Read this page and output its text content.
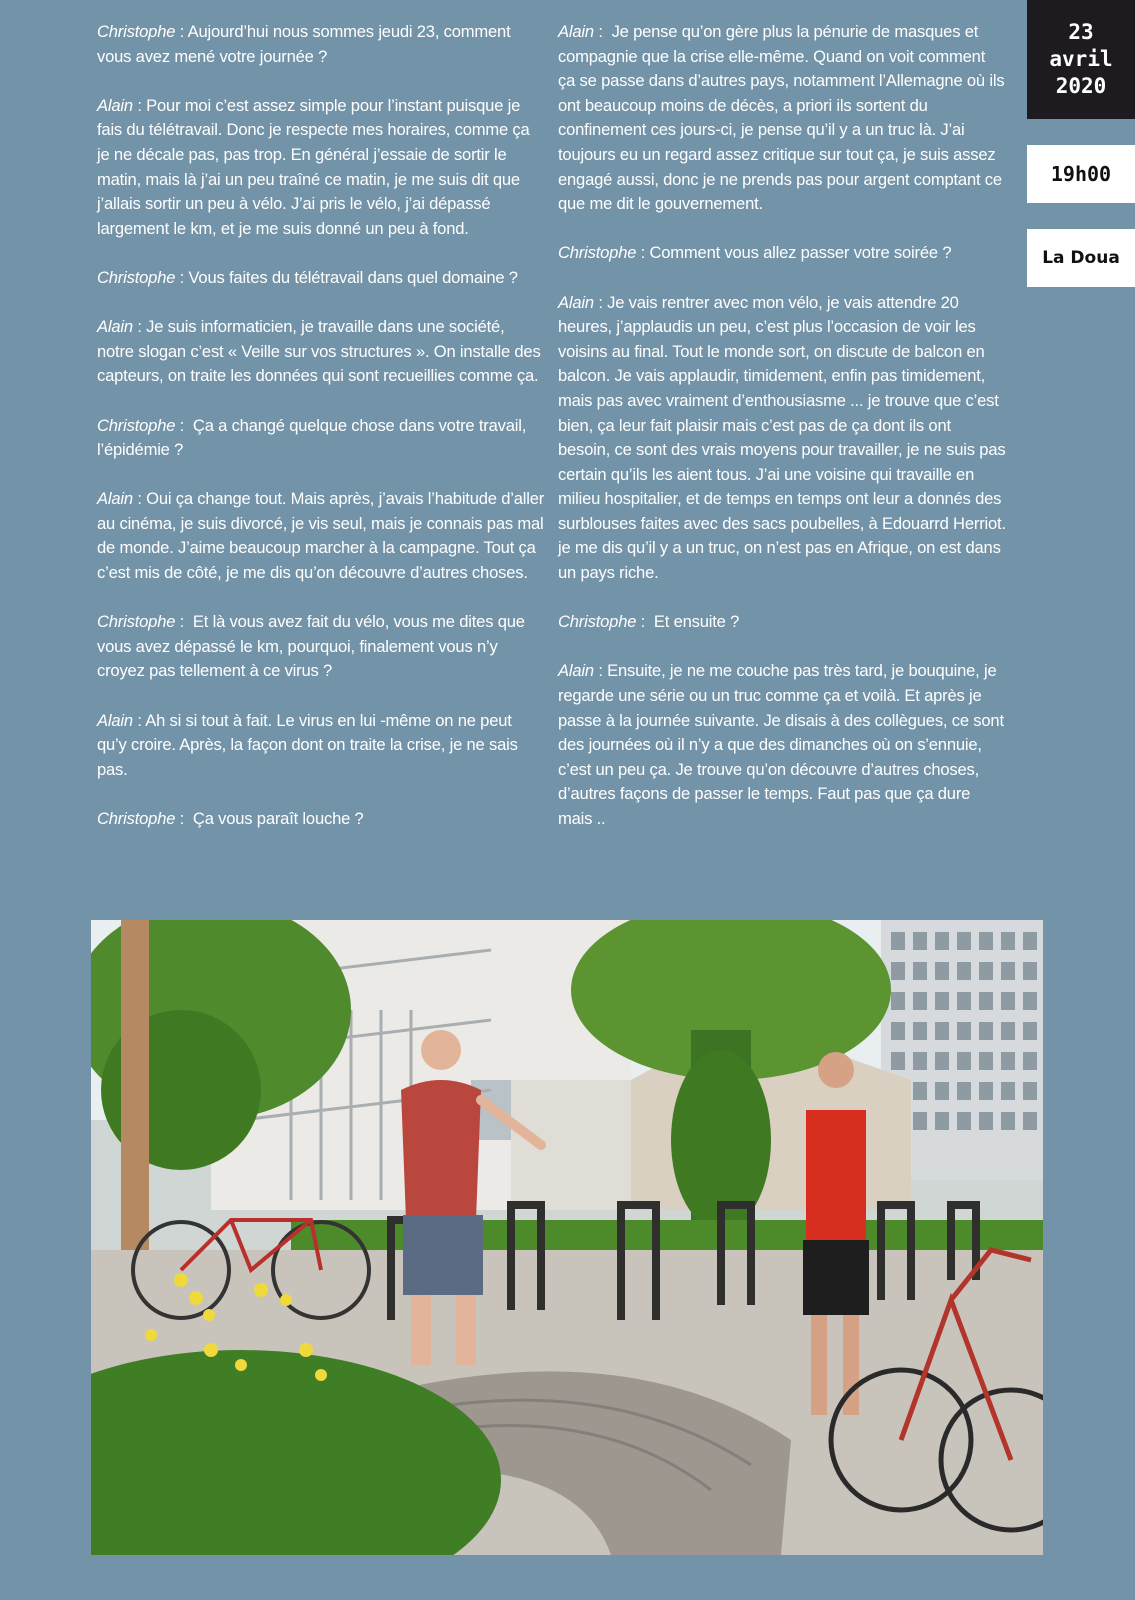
Christophe : Aujourd’hui nous sommes jeudi 23, comment vous avez mené votre journée ?

Alain : Pour moi c’est assez simple pour l’instant puisque je fais du télétravail. Donc je respecte mes horaires, comme ça je ne décale pas, pas trop. En général j’essaie de sortir le matin, mais là j’ai un peu traîné ce matin, je me suis dit que j’allais sortir un peu à vélo. J’ai pris le vélo, j’ai dépassé largement le km, et je me suis donné un peu à fond.

Christophe : Vous faites du télétravail dans quel domaine ?

Alain : Je suis informaticien, je travaille dans une société, notre slogan c’est « Veille sur vos structures ». On installe des capteurs, on traite les données qui sont recueillies comme ça.

Christophe :  Ça a changé quelque chose dans votre travail, l’épidémie ?

Alain : Oui ça change tout. Mais après, j’avais l’habitude d’aller au cinéma, je suis divorcé, je vis seul, mais je connais pas mal de monde. J’aime beaucoup marcher à la campagne. Tout ça c’est mis de côté, je me dis qu’on découvre d’autres choses.

Christophe :  Et là vous avez fait du vélo, vous me dites que vous avez dépassé le km, pourquoi, finalement vous n’y croyez pas tellement à ce virus ?

Alain : Ah si si tout à fait. Le virus en lui -même on ne peut qu’y croire. Après, la façon dont on traite la crise, je ne sais pas.

Christophe :  Ça vous paraît louche ?

Alain :  Je pense qu’on gère plus la pénurie de masques et compagnie que la crise elle-même. Quand on voit comment ça se passe dans d’autres pays, notamment l’Allemagne où ils ont beaucoup moins de décès, a priori ils sortent du confinement ces jours-ci, je pense qu’il y a un truc là. J’ai toujours eu un regard assez critique sur tout ça, je suis assez engagé aussi, donc je ne prends pas pour argent comptant ce que me dit le gouvernement.

Christophe : Comment vous allez passer votre soirée ?

Alain : Je vais rentrer avec mon vélo, je vais attendre 20 heures, j’applaudis un peu, c’est plus l’occasion de voir les voisins au final. Tout le monde sort, on discute de balcon en balcon. Je vais applaudir, timidement, enfin pas timidement, mais pas avec vraiment d’enthousiasme ... je trouve que c’est bien, ça leur fait plaisir mais c’est pas de ça dont ils ont besoin, ce sont des vrais moyens pour travailler, je ne suis pas certain qu’ils les aient tous. J’ai une voisine qui travaille en milieu hospitalier, et de temps en temps ont leur a donnés des surblouses faites avec des sacs poubelles, à Edouarrd Herriot. je me dis qu’il y a un truc, on n’est pas en Afrique, on est dans un pays riche.

Christophe :  Et ensuite ?

Alain : Ensuite, je ne me couche pas très tard, je bouquine, je regarde une série ou un truc comme ça et voilà. Et après je passe à la journée suivante. Je disais à des collègues, ce sont des journées où il n’y a que des dimanches où on s’ennuie, c’est un peu ça. Je trouve qu’on découvre d’autres choses, d’autres façons de passer le temps. Faut pas que ça dure mais ..

23
avril
2020
19h00
La Doua
